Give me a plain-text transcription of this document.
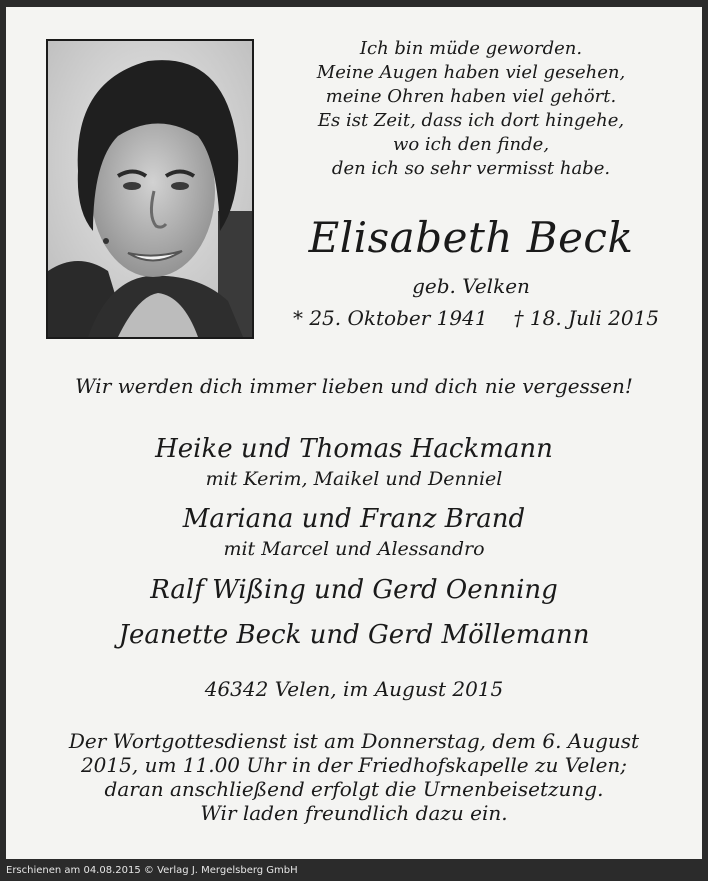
Ich bin müde geworden.
Meine Augen haben viel gesehen,
meine Ohren haben viel gehört.
Es ist Zeit, dass ich dort hingehe,
wo ich den finde,
den ich so sehr vermisst habe.
Elisabeth Beck
geb. Velken
* 25. Oktober 1941 † 18. Juli 2015
Wir werden dich immer lieben und dich nie vergessen!
Heike und Thomas Hackmann
mit Kerim, Maikel und Denniel
Mariana und Franz Brand
mit Marcel und Alessandro
Ralf Wißing und Gerd Oenning
Jeanette Beck und Gerd Möllemann
46342 Velen, im August 2015
Der Wortgottesdienst ist am Donnerstag, dem 6. August
2015, um 11.00 Uhr in der Friedhofskapelle zu Velen;
daran anschließend erfolgt die Urnenbeisetzung.
Wir laden freundlich dazu ein.
Erschienen am 04.08.2015 © Verlag J. Mergelsberg GmbH
